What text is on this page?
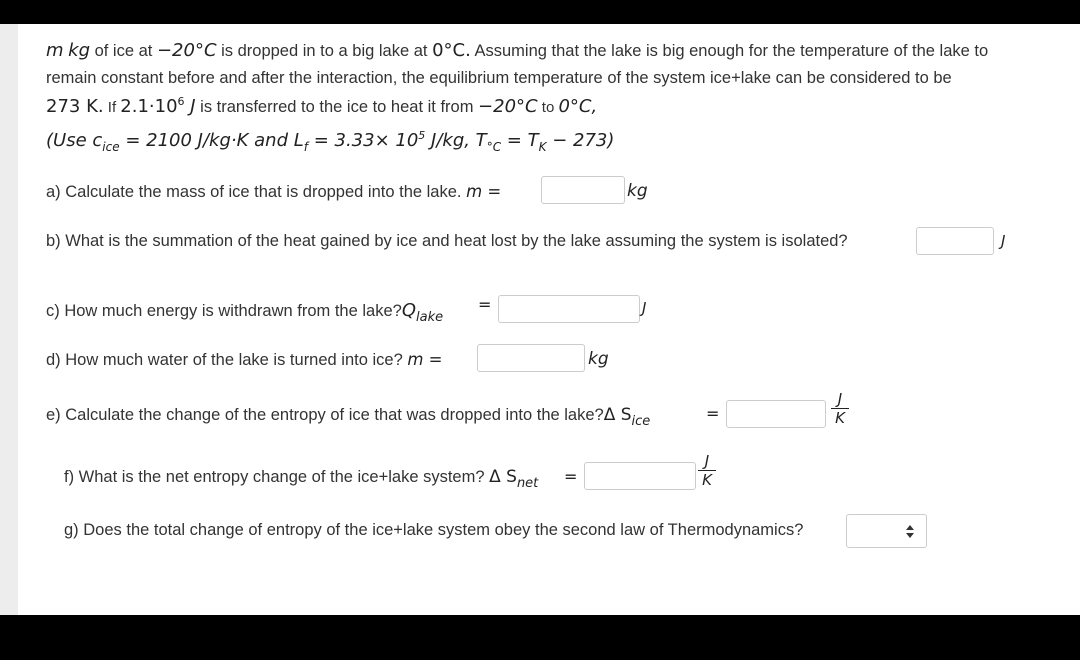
m kg of ice at −20°C is dropped in to a big lake at 0°C. Assuming that the lake is big enough for the temperature of the lake to
remain constant before and after the interaction, the equilibrium temperature of the system ice+lake can be considered to be
273 K. If $2.1\cdot 10^6$ J is transferred to the ice to heat it from −20°C to 0°C,
(Use $c_{ice} = 2100$ J/kg·K and $L_f = 3.33\times 10^5$ J/kg, $T_{^\circ C} = T_K - 273$)
a) Calculate the mass of ice that is dropped into the lake. m =	kg
b) What is the summation of the heat gained by ice and heat lost by the lake assuming the system is isolated?	J
c) How much energy is withdrawn from the $lake?Q_{lake}$
=	J
d) How much water of the lake is turned into ice? m =	kg
e) Calculate the change of the entropy of ice that was dropped into the lake?Δ $S_{ice}$	=
J
K
f) What is the net entropy change of the ice+lake system? Δ $S_{net}$ =
J
K
g) Does the total change of entropy of the ice+lake system obey the second law of Thermodynamics?
